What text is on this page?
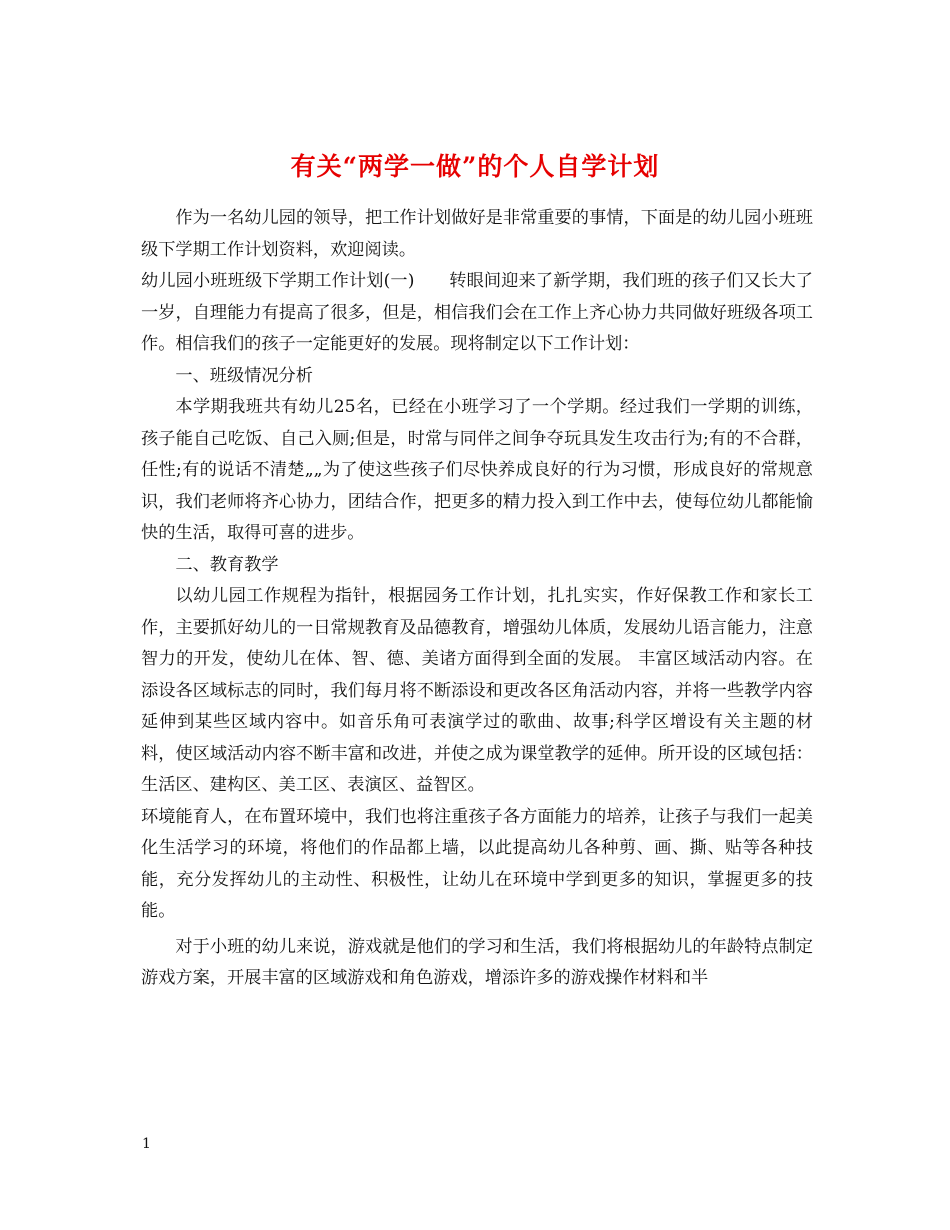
有关“两学一做”的个人自学计划

作为一名幼儿园的领导，把工作计划做好是非常重要的事情，下面是的幼儿园小班班级下学期工作计划资料，欢迎阅读。

幼儿园小班班级下学期工作计划(一)　　转眼间迎来了新学期，我们班的孩子们又长大了一岁，自理能力有提高了很多，但是，相信我们会在工作上齐心协力共同做好班级各项工作。相信我们的孩子一定能更好的发展。现将制定以下工作计划：

一、班级情况分析

本学期我班共有幼儿25名，已经在小班学习了一个学期。经过我们一学期的训练，孩子能自己吃饭、自己入厕;但是，时常与同伴之间争夺玩具发生攻击行为;有的不合群，任性;有的说话不清楚„„为了使这些孩子们尽快养成良好的行为习惯，形成良好的常规意识，我们老师将齐心协力，团结合作，把更多的精力投入到工作中去，使每位幼儿都能愉快的生活，取得可喜的进步。

二、教育教学

以幼儿园工作规程为指针，根据园务工作计划，扎扎实实，作好保教工作和家长工作，主要抓好幼儿的一日常规教育及品德教育，增强幼儿体质，发展幼儿语言能力，注意智力的开发，使幼儿在体、智、德、美诸方面得到全面的发展。 丰富区域活动内容。在添设各区域标志的同时，我们每月将不断添设和更改各区角活动内容，并将一些教学内容延伸到某些区域内容中。如音乐角可表演学过的歌曲、故事;科学区增设有关主题的材料，使区域活动内容不断丰富和改进，并使之成为课堂教学的延伸。所开设的区域包括：生活区、建构区、美工区、表演区、益智区。

环境能育人，在布置环境中，我们也将注重孩子各方面能力的培养，让孩子与我们一起美化生活学习的环境，将他们的作品都上墙，以此提高幼儿各种剪、画、撕、贴等各种技能，充分发挥幼儿的主动性、积极性，让幼儿在环境中学到更多的知识，掌握更多的技能。

对于小班的幼儿来说，游戏就是他们的学习和生活，我们将根据幼儿的年龄特点制定游戏方案，开展丰富的区域游戏和角色游戏，增添许多的游戏操作材料和半

1
